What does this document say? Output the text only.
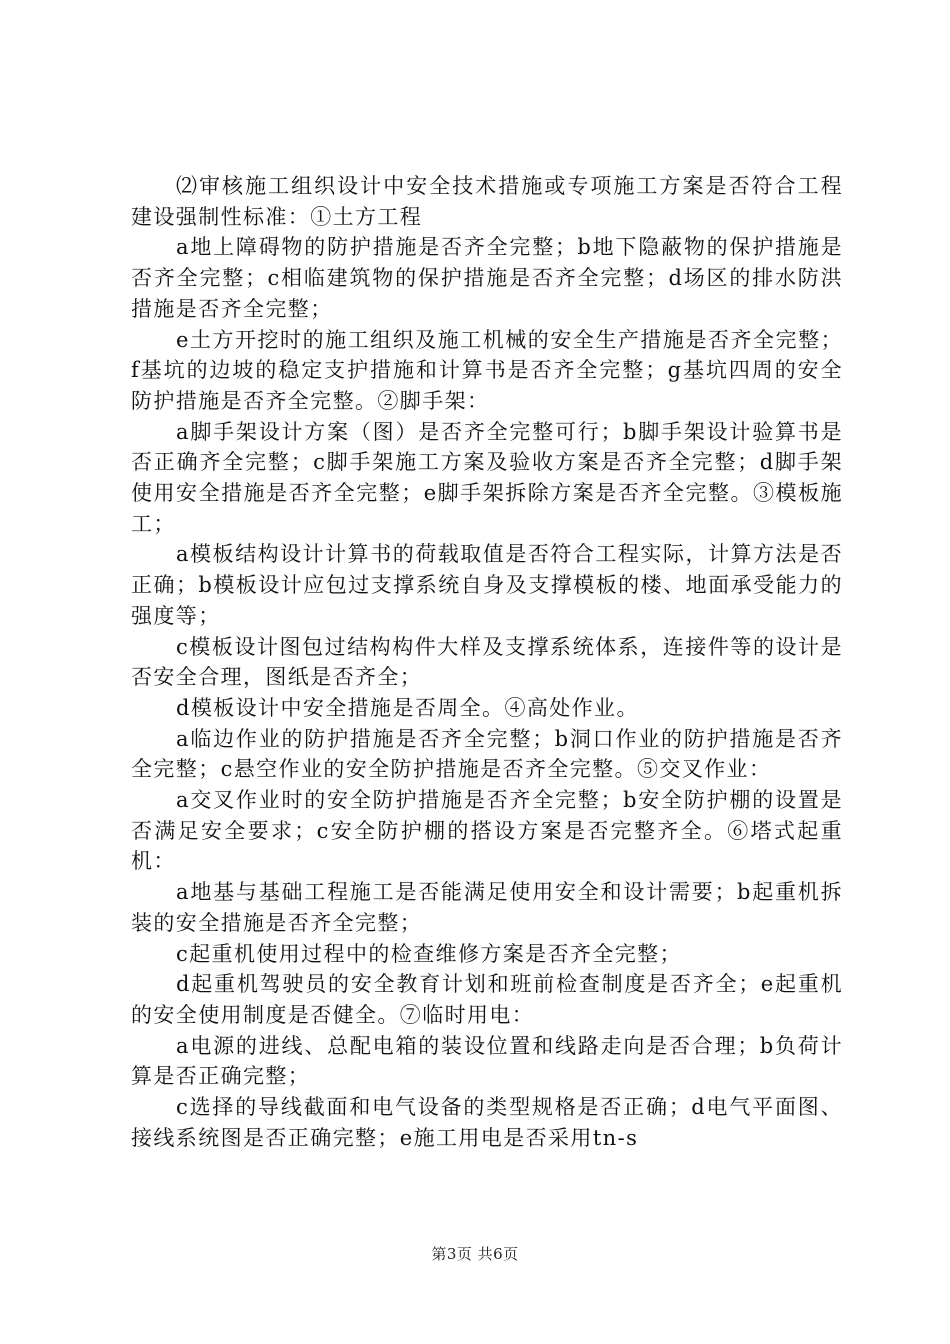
⑵审核施工组织设计中安全技术措施或专项施工方案是否符合工程建设强制性标准：①土方工程

a地上障碍物的防护措施是否齐全完整；b地下隐蔽物的保护措施是否齐全完整；c相临建筑物的保护措施是否齐全完整；d场区的排水防洪措施是否齐全完整；

e土方开挖时的施工组织及施工机械的安全生产措施是否齐全完整；f基坑的边坡的稳定支护措施和计算书是否齐全完整；g基坑四周的安全防护措施是否齐全完整。②脚手架：

a脚手架设计方案（图）是否齐全完整可行；b脚手架设计验算书是否正确齐全完整；c脚手架施工方案及验收方案是否齐全完整；d脚手架使用安全措施是否齐全完整；e脚手架拆除方案是否齐全完整。③模板施工；

a模板结构设计计算书的荷载取值是否符合工程实际，计算方法是否正确；b模板设计应包过支撑系统自身及支撑模板的楼、地面承受能力的强度等；

c模板设计图包过结构构件大样及支撑系统体系，连接件等的设计是否安全合理，图纸是否齐全；

d模板设计中安全措施是否周全。④高处作业。

a临边作业的防护措施是否齐全完整；b洞口作业的防护措施是否齐全完整；c悬空作业的安全防护措施是否齐全完整。⑤交叉作业：

a交叉作业时的安全防护措施是否齐全完整；b安全防护棚的设置是否满足安全要求；c安全防护棚的搭设方案是否完整齐全。⑥塔式起重机：

a地基与基础工程施工是否能满足使用安全和设计需要；b起重机拆装的安全措施是否齐全完整；

c起重机使用过程中的检查维修方案是否齐全完整；

d起重机驾驶员的安全教育计划和班前检查制度是否齐全；e起重机的安全使用制度是否健全。⑦临时用电：

a电源的进线、总配电箱的装设位置和线路走向是否合理；b负荷计算是否正确完整；

c选择的导线截面和电气设备的类型规格是否正确；d电气平面图、接线系统图是否正确完整；e施工用电是否采用tn-s

第3页 共6页
